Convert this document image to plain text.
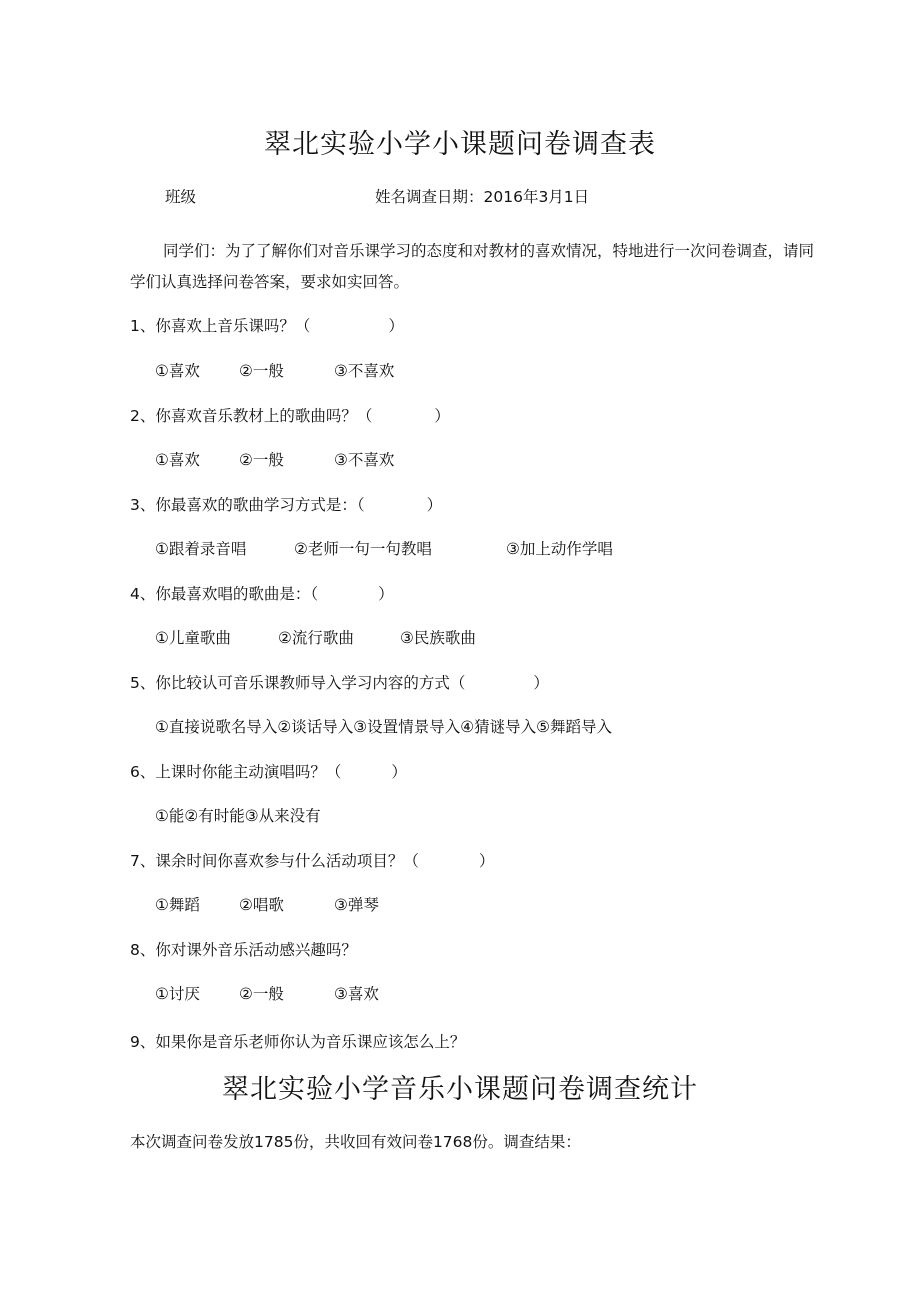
翠北实验小学小课题问卷调查表
班级	姓名调查日期：2016年3月1日
同学们：为了了解你们对音乐课学习的态度和对教材的喜欢情况，特地进行一次问卷调查，请同学们认真选择问卷答案，要求如实回答。
1、你喜欢上音乐课吗？（	）
①喜欢	②一般	③不喜欢
2、你喜欢音乐教材上的歌曲吗？（	）
①喜欢	②一般	③不喜欢
3、你最喜欢的歌曲学习方式是：（	）
①跟着录音唱	②老师一句一句教唱	③加上动作学唱
4、你最喜欢唱的歌曲是：（	）
①儿童歌曲	②流行歌曲	③民族歌曲
5、你比较认可音乐课教师导入学习内容的方式（	）
①直接说歌名导入②谈话导入③设置情景导入④猜谜导入⑤舞蹈导入
6、上课时你能主动演唱吗？（	）
①能②有时能③从来没有
7、课余时间你喜欢参与什么活动项目？（	）
①舞蹈	②唱歌	③弹琴
8、你对课外音乐活动感兴趣吗？
①讨厌	②一般	③喜欢
9、如果你是音乐老师你认为音乐课应该怎么上？
翠北实验小学音乐小课题问卷调查统计
本次调查问卷发放1785份，共收回有效问卷1768份。调查结果：
